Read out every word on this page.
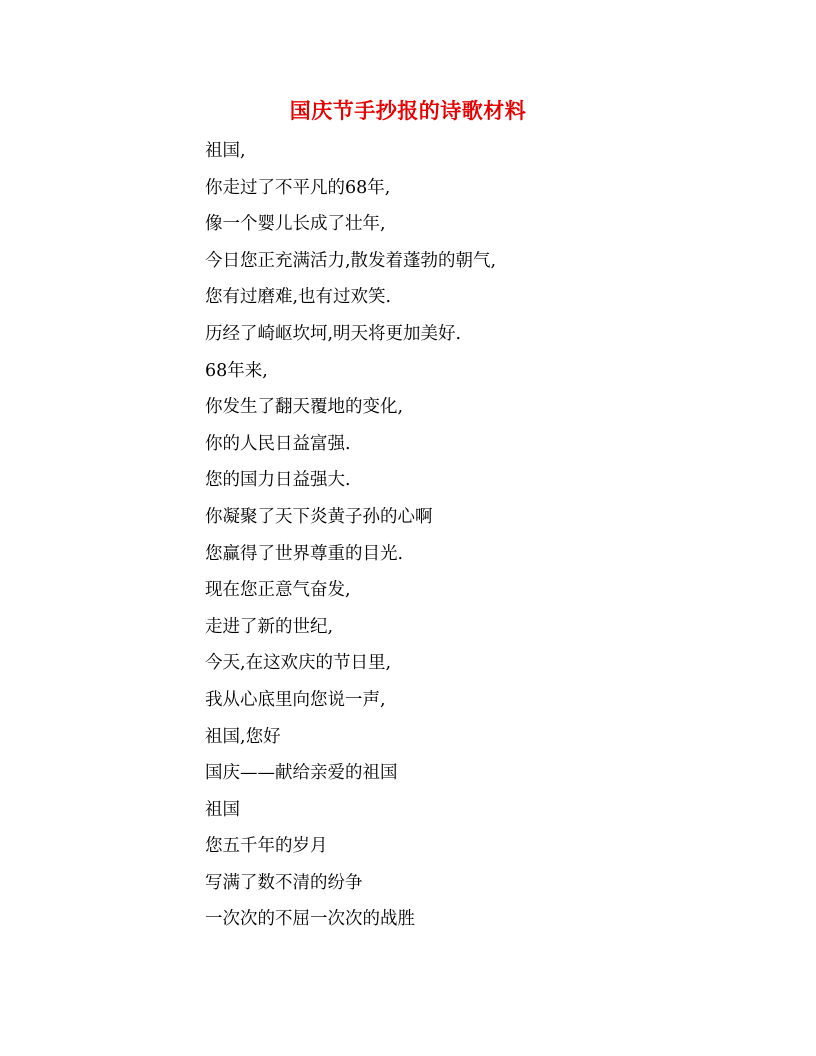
国庆节手抄报的诗歌材料
祖国,
你走过了不平凡的68年,
像一个婴儿长成了壮年,
今日您正充满活力,散发着蓬勃的朝气,
您有过磨难,也有过欢笑.
历经了崎岖坎坷,明天将更加美好.
68年来,
你发生了翻天覆地的变化,
你的人民日益富强.
您的国力日益强大.
你凝聚了天下炎黄子孙的心啊
您赢得了世界尊重的目光.
现在您正意气奋发,
走进了新的世纪,
今天,在这欢庆的节日里,
我从心底里向您说一声,
祖国,您好
国庆——献给亲爱的祖国
祖国
您五千年的岁月
写满了数不清的纷争
一次次的不屈一次次的战胜
